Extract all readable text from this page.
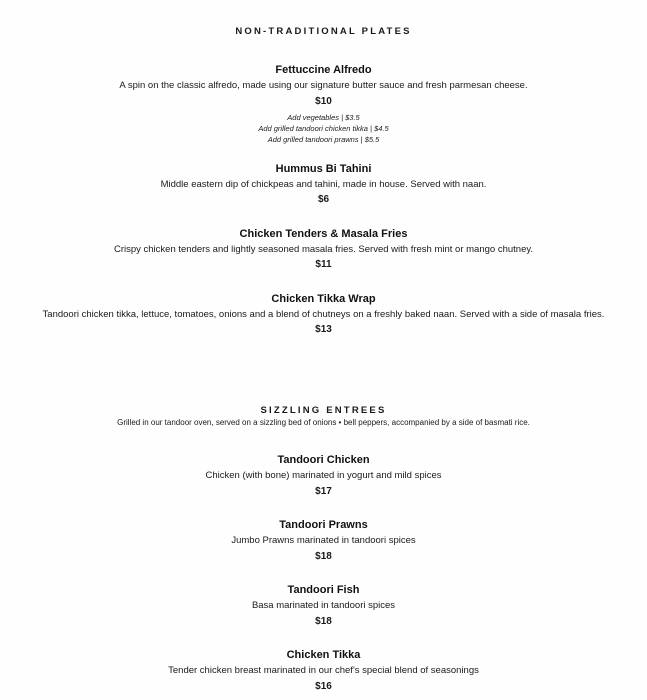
NON-TRADITIONAL PLATES
Fettuccine Alfredo
A spin on the classic alfredo, made using our signature butter sauce and fresh parmesan cheese.
$10
Add vegetables | $3.5
Add grilled tandoori chicken tikka | $4.5
Add grilled tandoori prawns | $5.5
Hummus Bi Tahini
Middle eastern dip of chickpeas and tahini, made in house. Served with naan.
$6
Chicken Tenders & Masala Fries
Crispy chicken tenders and lightly seasoned masala fries. Served with fresh mint or mango chutney.
$11
Chicken Tikka Wrap
Tandoori chicken tikka, lettuce, tomatoes, onions and a blend of chutneys on a freshly baked naan. Served with a side of masala fries.
$13
SIZZLING ENTREES
Grilled in our tandoor oven, served on a sizzling bed of onions • bell peppers, accompanied by a side of basmati rice.
Tandoori Chicken
Chicken (with bone) marinated in yogurt and mild spices
$17
Tandoori Prawns
Jumbo Prawns marinated in tandoori spices
$18
Tandoori Fish
Basa marinated in tandoori spices
$18
Chicken Tikka
Tender chicken breast marinated in our chef's special blend of seasonings
$16
